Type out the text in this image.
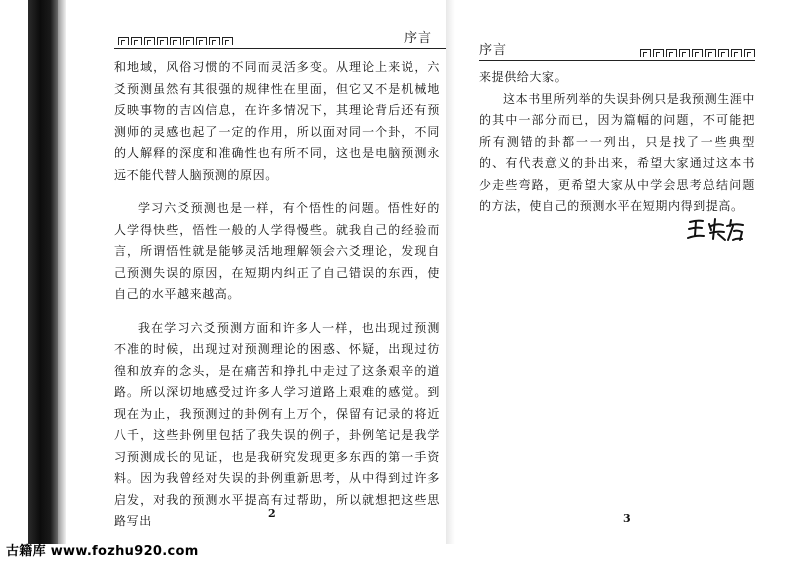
序言

和地域，风俗习惯的不同而灵活多变。从理论上来说，六爻预测虽然有其很强的规律性在里面，但它又不是机械地反映事物的吉凶信息，在许多情况下，其理论背后还有预测师的灵感也起了一定的作用，所以面对同一个卦，不同的人解释的深度和准确性也有所不同，这也是电脑预测永远不能代替人脑预测的原因。

学习六爻预测也是一样，有个悟性的问题。悟性好的人学得快些，悟性一般的人学得慢些。就我自己的经验而言，所谓悟性就是能够灵活地理解领会六爻理论，发现自己预测失误的原因，在短期内纠正了自己错误的东西，使自己的水平越来越高。

我在学习六爻预测方面和许多人一样，也出现过预测不准的时候，出现过对预测理论的困惑、怀疑，出现过彷徨和放弃的念头，是在痛苦和挣扎中走过了这条艰辛的道路。所以深切地感受过许多人学习道路上艰难的感觉。到现在为止，我预测过的卦例有上万个，保留有记录的将近八千，这些卦例里包括了我失误的例子，卦例笔记是我学习预测成长的见证，也是我研究发现更多东西的第一手资料。因为我曾经对失误的卦例重新思考，从中得到过许多启发，对我的预测水平提高有过帮助，所以就想把这些思路写出

2
序言

来提供给大家。

这本书里所列举的失误卦例只是我预测生涯中的其中一部分而已，因为篇幅的问题，不可能把所有测错的卦都一一列出，只是找了一些典型的、有代表意义的卦出来，希望大家通过这本书少走些弯路，更希望大家从中学会思考总结问题的方法，使自己的预测水平在短期内得到提高。

3
古籍库 www.fozhu920.com
